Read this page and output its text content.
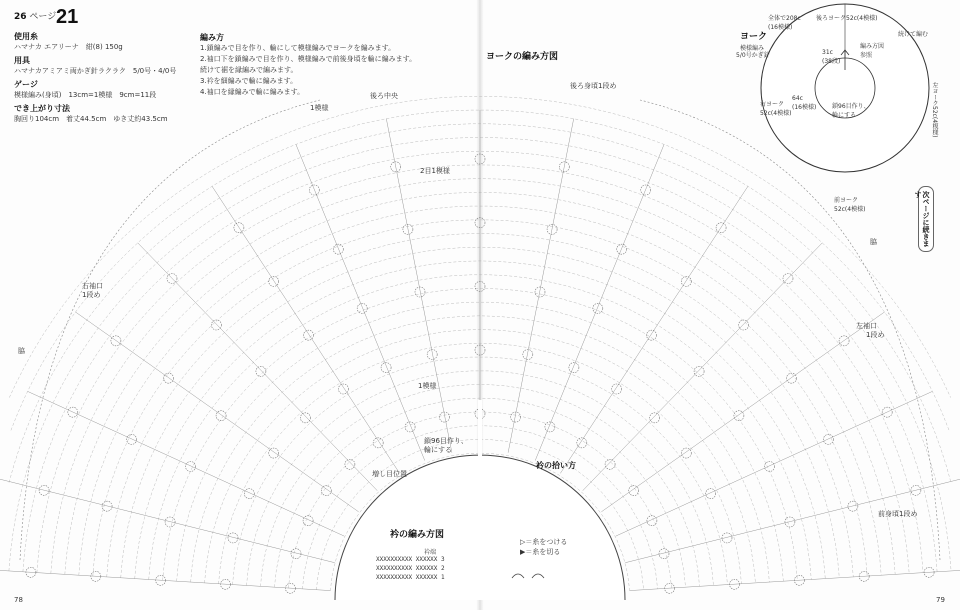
26 ページ 21
使用糸
ハマナカ エアリーナ　紺(8) 150g
用具
ハマナカアミアミ両かぎ針ラクラク　5/0号・4/0号
ゲージ
模様編み(身頃)　13cm=1模様　9cm=11段
でき上がり寸法
胸回り104cm　着丈44.5cm　ゆき丈約43.5cm
編み方
1.鎖編みで目を作り、輪にして模様編みでヨークを編みます。
2.袖口下を鎖編みで目を作り、模様編みで前後身頃を輪に編みます。
続けて裾を縁編みで編みます。
3.衿を細編みで輪に編みます。
4.袖口を縁編みで輪に編みます。
ヨークの編み方図
後ろ中央
1模様
2目1模様
1模様
後ろ身頃1段め
右袖口
1段め
左袖口
1段め
脇
脇
鎖96目作り、
輪にする
増し目位置
前身頃1段め
衿の拾い方
衿の編み方図
XXXXXXXXXX XXXXXX 3
XXXXXXXXXX XXXXXX 2
XXXXXXXXXX XXXXXX 1
衿端
▷＝糸をつける
▶＝糸を切る
78	79
次ページに続きます
ヨーク
模様編み
5/0号かぎ針
全体で208c
(16模様)
後ろヨーク52c(4模様)
続けて編む
編み方図
参照
31c
(38段)
64c
(16模様)	鎖96目作り、
輪にする
右ヨーク
52c(4模様)	左ヨーク52c(4模様)
前ヨーク
52c(4模様)
